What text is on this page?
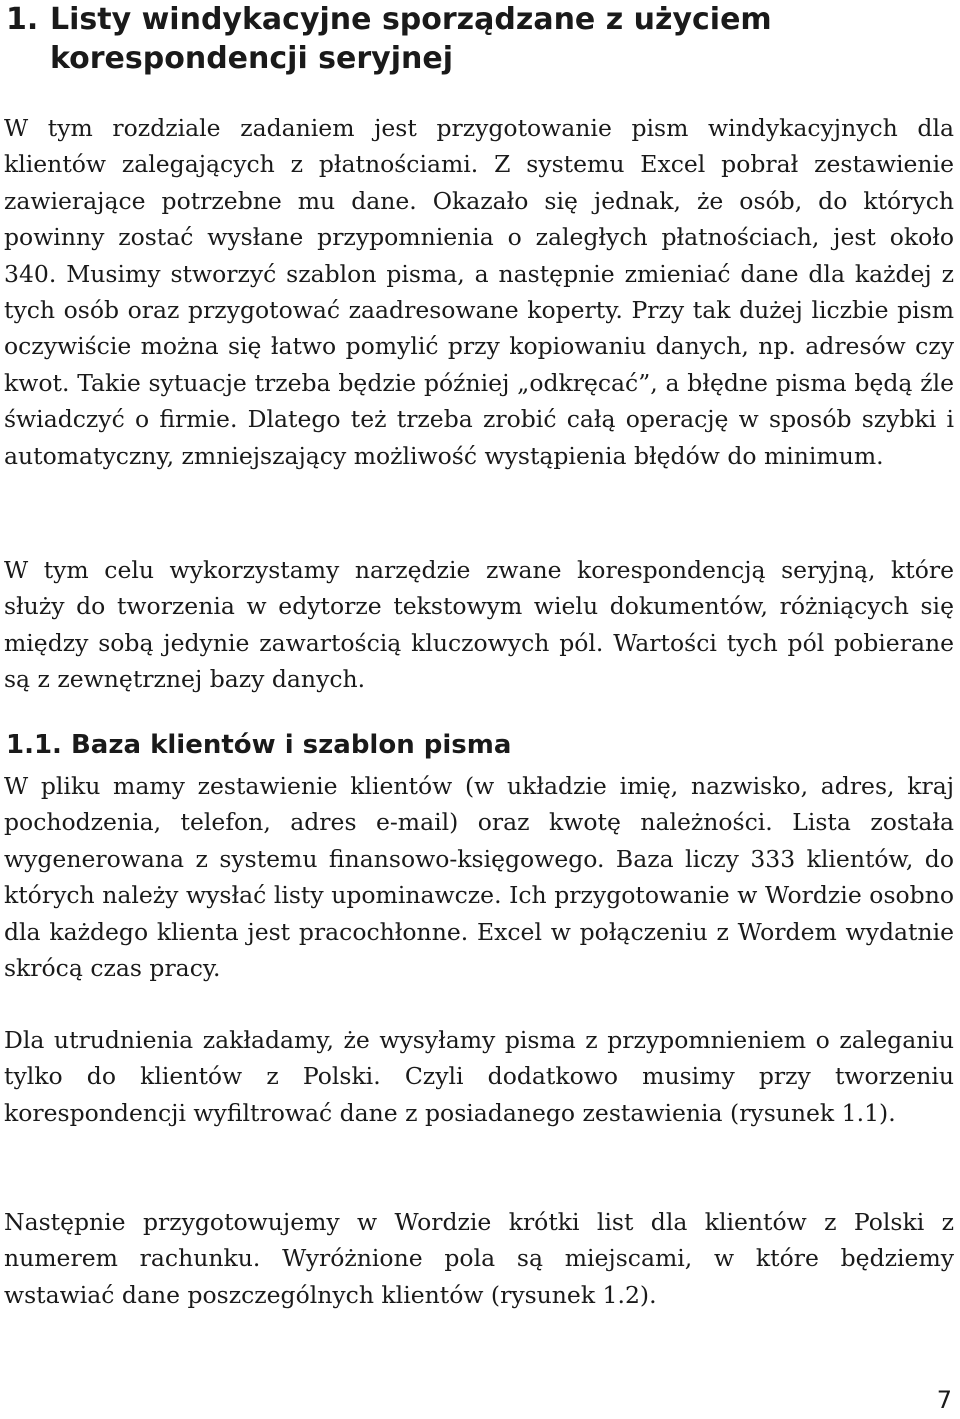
1. Listy windykacyjne sporządzane z użyciem korespondencji seryjnej

W tym rozdziale zadaniem jest przygotowanie pism windykacyjnych dla klientów zalegających z płatnościami. Z systemu Excel pobrał zestawienie zawierające potrzebne mu dane. Okazało się jednak, że osób, do których powinny zostać wysłane przypomnienia o zaległych płatnościach, jest około 340. Musimy stworzyć szablon pisma, a następnie zmieniać dane dla każdej z tych osób oraz przygotować zaadresowane koperty. Przy tak dużej liczbie pism oczywiście można się łatwo pomylić przy kopiowaniu danych, np. adresów czy kwot. Takie sytuacje trzeba będzie później „odkręcać”, a błędne pisma będą źle świadczyć o firmie. Dlatego też trzeba zrobić całą operację w sposób szybki i automatyczny, zmniejszający możliwość wystąpienia błędów do minimum.

W tym celu wykorzystamy narzędzie zwane korespondencją seryjną, które służy do tworzenia w edytorze tekstowym wielu dokumentów, różniących się między sobą jedynie zawartością kluczowych pól. Wartości tych pól pobierane są z zewnętrznej bazy danych.

1.1. Baza klientów i szablon pisma

W pliku mamy zestawienie klientów (w układzie imię, nazwisko, adres, kraj pochodzenia, telefon, adres e-mail) oraz kwotę należności. Lista została wygenerowana z systemu finansowo-księgowego. Baza liczy 333 klientów, do których należy wysłać listy upominawcze. Ich przygotowanie w Wordzie osobno dla każdego klienta jest pracochłonne. Excel w połączeniu z Wordem wydatnie skrócą czas pracy.

Dla utrudnienia zakładamy, że wysyłamy pisma z przypomnieniem o zaleganiu tylko do klientów z Polski. Czyli dodatkowo musimy przy tworzeniu korespondencji wyfiltrować dane z posiadanego zestawienia (rysunek 1.1).

Następnie przygotowujemy w Wordzie krótki list dla klientów z Polski z numerem rachunku. Wyróżnione pola są miejscami, w które będziemy wstawiać dane poszczególnych klientów (rysunek 1.2).

7
